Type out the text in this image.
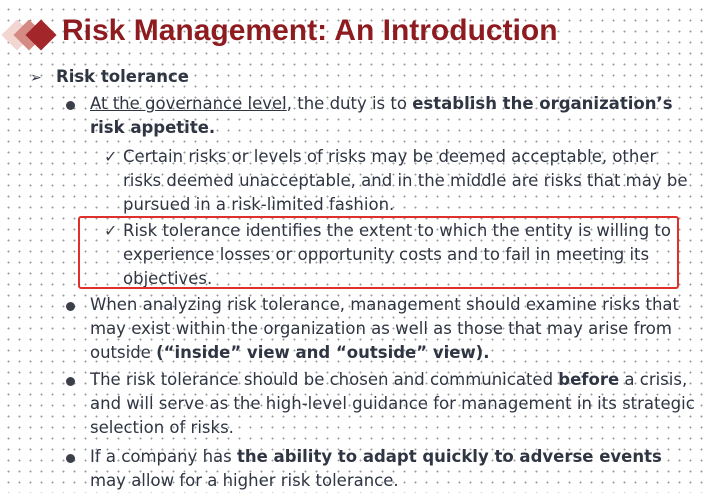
Risk Management: An Introduction
➢ Risk tolerance
At the governance level, the duty is to establish the organization’s risk appetite.
✓ Certain risks or levels of risks may be deemed acceptable, other risks deemed unacceptable, and in the middle are risks that may be pursued in a risk-limited fashion.
✓ Risk tolerance identifies the extent to which the entity is willing to experience losses or opportunity costs and to fail in meeting its objectives.
When analyzing risk tolerance, management should examine risks that may exist within the organization as well as those that may arise from outside (“inside” view and “outside” view).
The risk tolerance should be chosen and communicated before a crisis, and will serve as the high-level guidance for management in its strategic selection of risks.
If a company has the ability to adapt quickly to adverse events may allow for a higher risk tolerance.
